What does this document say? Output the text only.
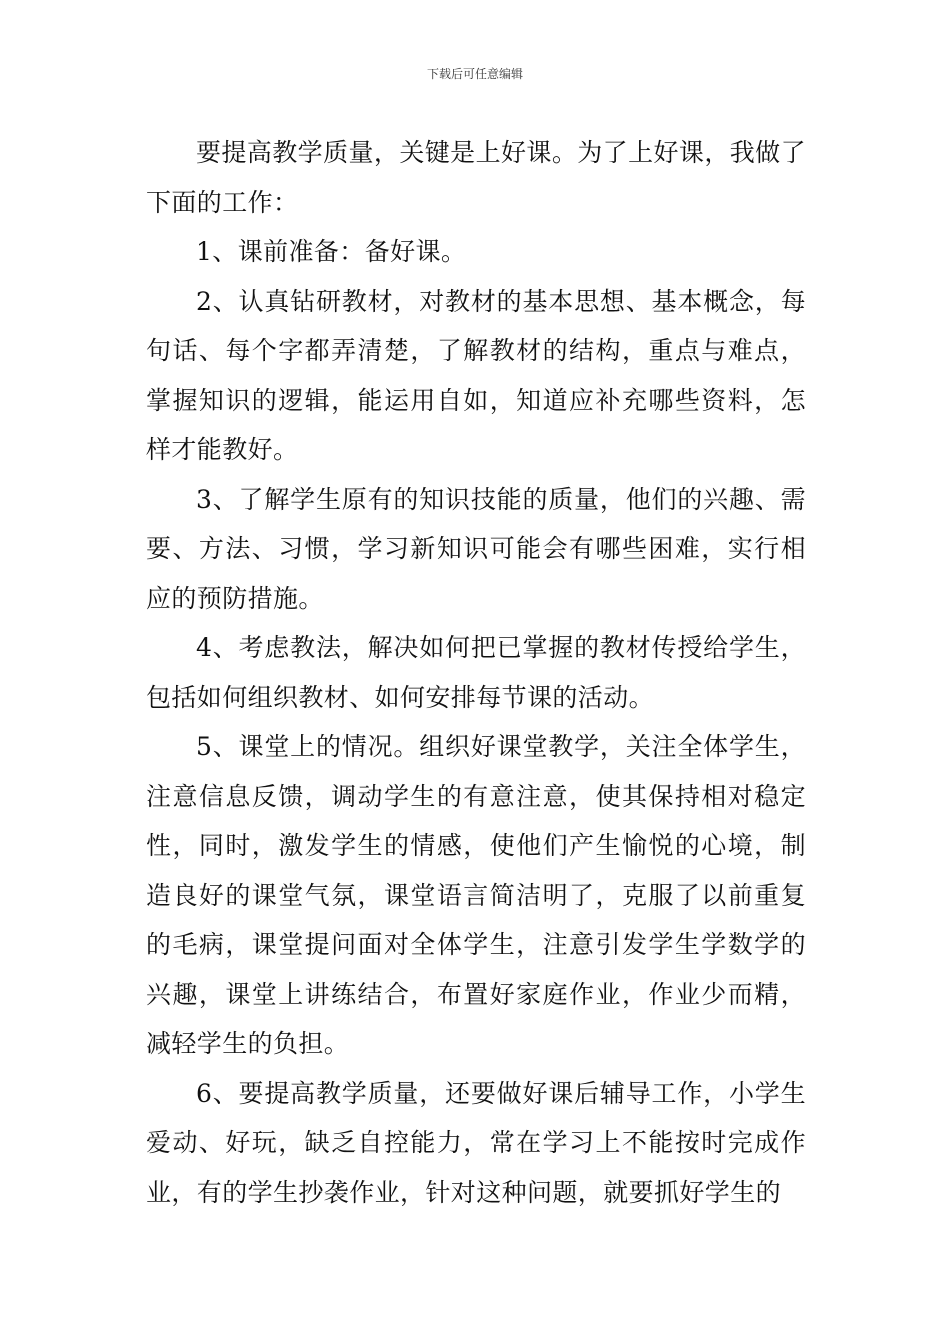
下载后可任意编辑

要提高教学质量，关键是上好课。为了上好课，我做了下面的工作：

1、课前准备：备好课。

2、认真钻研教材，对教材的基本思想、基本概念，每句话、每个字都弄清楚，了解教材的结构，重点与难点，掌握知识的逻辑，能运用自如，知道应补充哪些资料，怎样才能教好。

3、了解学生原有的知识技能的质量，他们的兴趣、需要、方法、习惯，学习新知识可能会有哪些困难，实行相应的预防措施。

4、考虑教法，解决如何把已掌握的教材传授给学生，包括如何组织教材、如何安排每节课的活动。

5、课堂上的情况。组织好课堂教学，关注全体学生，注意信息反馈，调动学生的有意注意，使其保持相对稳定性，同时，激发学生的情感，使他们产生愉悦的心境，制造良好的课堂气氛，课堂语言简洁明了，克服了以前重复的毛病，课堂提问面对全体学生，注意引发学生学数学的兴趣，课堂上讲练结合，布置好家庭作业，作业少而精，减轻学生的负担。

6、要提高教学质量，还要做好课后辅导工作，小学生爱动、好玩，缺乏自控能力，常在学习上不能按时完成作业，有的学生抄袭作业，针对这种问题，就要抓好学生的
